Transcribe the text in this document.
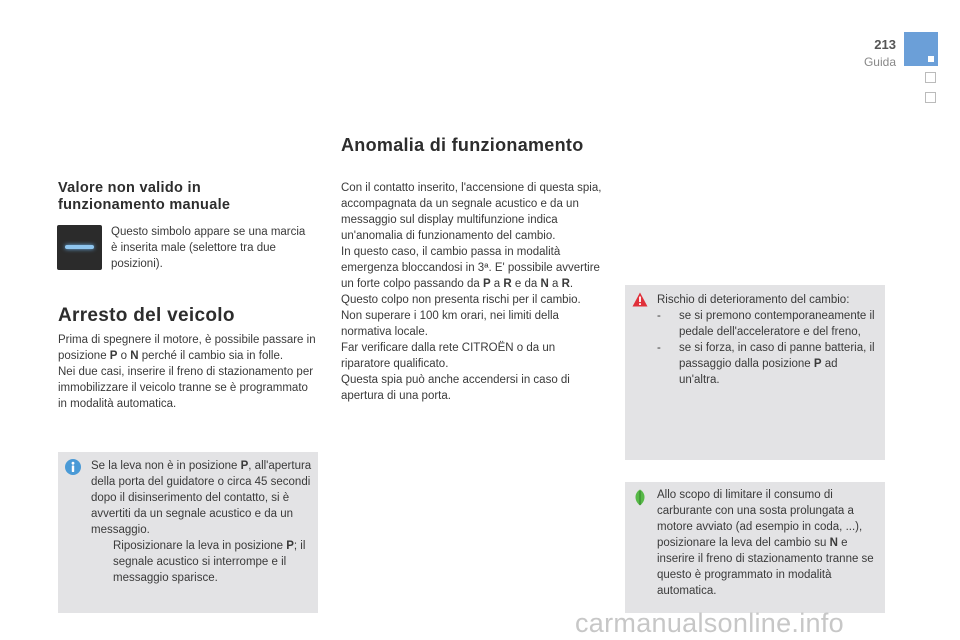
213
Guida
Valore non valido in
funzionamento manuale

Questo simbolo appare se una marcia è inserita male (selettore tra due posizioni).

Arresto del veicolo

Prima di spegnere il motore, è possibile passare in posizione P o N perché il cambio sia in folle.

Nei due casi, inserire il freno di stazionamento per immobilizzare il veicolo tranne se è programmato in modalità automatica.

Se la leva non è in posizione P, all'apertura della porta del guidatore o circa 45 secondi dopo il disinserimento del contatto, si è avvertiti da un segnale acustico e da un messaggio.

Riposizionare la leva in posizione P; il segnale acustico si interrompe e il messaggio sparisce.
Anomalia di funzionamento

Con il contatto inserito, l'accensione di questa spia, accompagnata da un segnale acustico e da un messaggio sul display multifunzione indica un'anomalia di funzionamento del cambio.

In questo caso, il cambio passa in modalità emergenza bloccandosi in 3ª. E' possibile avvertire un forte colpo passando da P a R e da N a R. Questo colpo non presenta rischi per il cambio.

Non superare i 100 km orari, nei limiti della normativa locale.

Far verificare dalla rete CITROËN o da un riparatore qualificato.

Questa spia può anche accendersi in caso di apertura di una porta.

Rischio di deterioramento del cambio:

- se si premono contemporaneamente il pedale dell'acceleratore e del freno,
- se si forza, in caso di panne batteria, il passaggio dalla posizione P ad un'altra.

Allo scopo di limitare il consumo di carburante con una sosta prolungata a motore avviato (ad esempio in coda, ...), posizionare la leva del cambio su N e inserire il freno di stazionamento tranne se questo è programmato in modalità automatica.

carmanualsonline.info
